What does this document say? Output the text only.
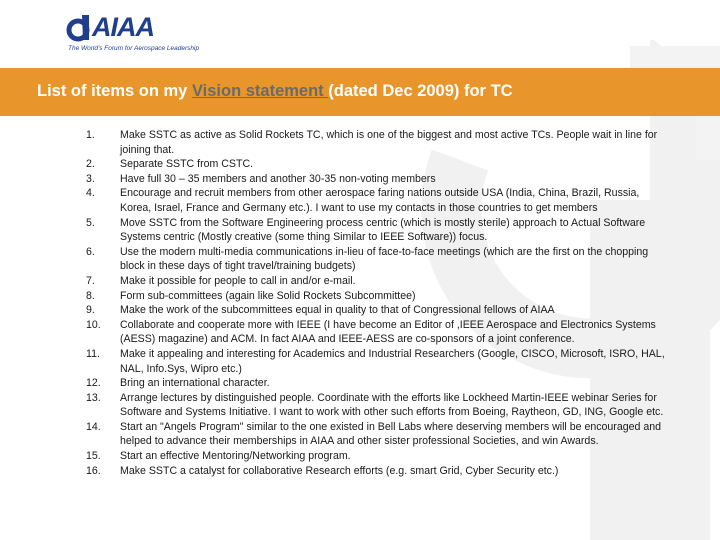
AIAA
The World's Forum for Aerospace Leadership
List of items on my Vision statement (dated Dec 2009) for TC
1.	Make SSTC as active as Solid Rockets TC, which is one of the biggest and most active TCs. People wait in line for joining that.
2.	Separate SSTC from CSTC.
3.	Have full 30 – 35 members and another 30-35 non-voting members
4.	Encourage and recruit members from other aerospace faring nations outside USA (India, China, Brazil, Russia, Korea, Israel, France and Germany etc.). I want to use my contacts in those countries to get members
5.	Move SSTC from the Software Engineering process centric (which is mostly sterile) approach to Actual Software Systems centric (Mostly creative (some thing Similar to IEEE Software)) focus.
6.	Use the modern multi-media communications in-lieu of face-to-face meetings (which are the first on the chopping block in these days of tight travel/training budgets)
7.	Make it possible for people to call in and/or e-mail.
8.	Form sub-committees (again like Solid Rockets Subcommittee)
9.	Make the work of the subcommittees equal in quality to that of Congressional fellows of AIAA
10.	Collaborate and cooperate more with IEEE (I have become an Editor of ,IEEE Aerospace and Electronics Systems (AESS) magazine) and ACM. In fact AIAA and IEEE-AESS are co-sponsors of a joint conference.
11.	Make it appealing and interesting for Academics and Industrial Researchers (Google, CISCO, Microsoft, ISRO, HAL, NAL, Info.Sys, Wipro etc.)
12.	Bring an international character.
13.	Arrange lectures by distinguished people. Coordinate with the efforts like Lockheed Martin-IEEE webinar Series for Software and Systems Initiative. I want to work with other such efforts from Boeing, Raytheon, GD, ING, Google etc.
14.	Start an "Angels Program" similar to the one existed in Bell Labs where deserving members will be encouraged and helped to advance their memberships in AIAA and other sister professional Societies, and win Awards.
15.	Start an effective Mentoring/Networking program.
16.	Make SSTC a catalyst for collaborative Research efforts (e.g. smart Grid, Cyber Security etc.)
